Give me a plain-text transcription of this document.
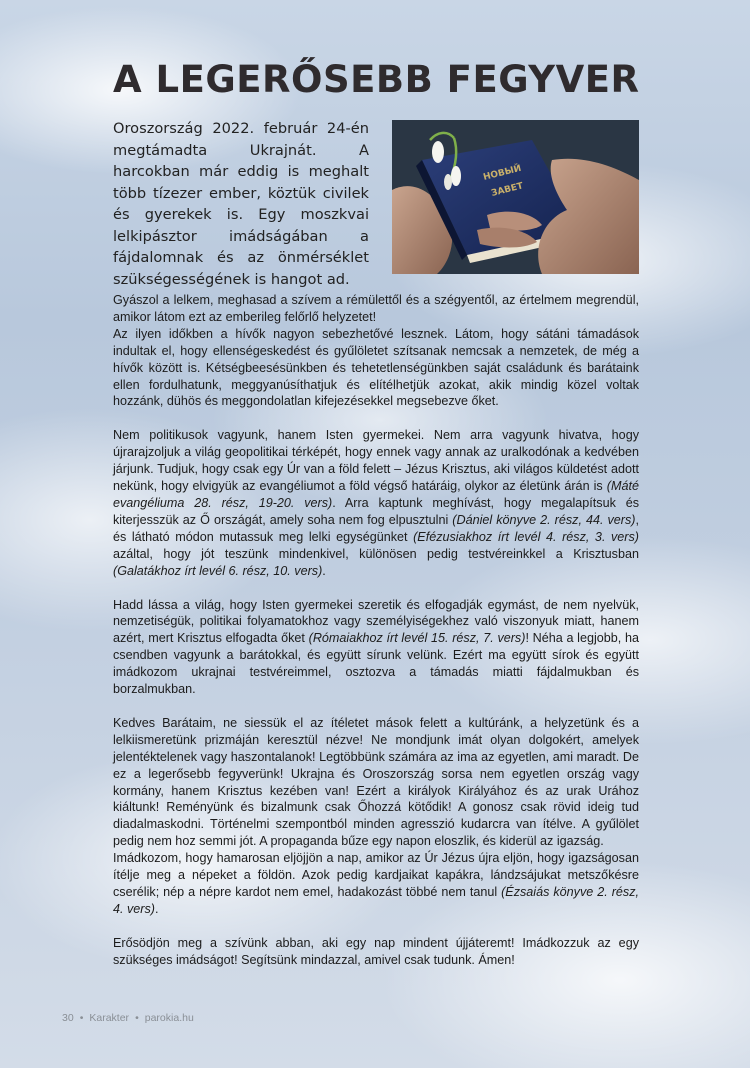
A LEGERŐSEBB FEGYVER

Oroszország 2022. február 24-én megtámadta Ukrajnát. A harcokban már eddig is meghalt több tízezer ember, köztük civilek és gyerekek is. Egy moszkvai lelkipásztor imádságában a fájdalomnak és az önmérséklet szükségességének is hangot ad.

НОВЫЙ
ЗАВЕТ

Gyászol a lelkem, meghasad a szívem a rémülettől és a szégyentől, az értelmem megrendül, amikor látom ezt az emberileg felőrlő helyzetet!

Az ilyen időkben a hívők nagyon sebezhetővé lesznek. Látom, hogy sátáni támadások indultak el, hogy ellenségeskedést és gyűlöletet szítsanak nemcsak a nemzetek, de még a hívők között is. Kétségbeesésünkben és tehetetlenségünkben saját családunk és barátaink ellen fordulhatunk, meggyanúsíthatjuk és elítélhetjük azokat, akik mindig közel voltak hozzánk, dühös és meggondolatlan kifejezésekkel megsebezve őket.

Nem politikusok vagyunk, hanem Isten gyermekei. Nem arra vagyunk hivatva, hogy újrarajzoljuk a világ geopolitikai térképét, hogy ennek vagy annak az uralkodónak a kedvében járjunk. Tudjuk, hogy csak egy Úr van a föld felett – Jézus Krisztus, aki világos küldetést adott nekünk, hogy elvigyük az evangéliumot a föld végső határáig, olykor az életünk árán is (Máté evangéliuma 28. rész, 19-20. vers). Arra kaptunk meghívást, hogy megalapítsuk és kiterjesszük az Ő országát, amely soha nem fog elpusztulni (Dániel könyve 2. rész, 44. vers), és látható módon mutassuk meg lelki egységünket (Efézusiakhoz írt levél 4. rész, 3. vers) azáltal, hogy jót teszünk mindenkivel, különösen pedig testvéreinkkel a Krisztusban (Galatákhoz írt levél 6. rész, 10. vers).

Hadd lássa a világ, hogy Isten gyermekei szeretik és elfogadják egymást, de nem nyelvük, nemzetiségük, politikai folyamatokhoz vagy személyiségekhez való viszonyuk miatt, hanem azért, mert Krisztus elfogadta őket (Rómaiakhoz írt levél 15. rész, 7. vers)! Néha a legjobb, ha csendben vagyunk a barátokkal, és együtt sírunk velünk. Ezért ma együtt sírok és együtt imádkozom ukrajnai testvéreimmel, osztozva a támadás miatti fájdalmukban és borzalmukban.

Kedves Barátaim, ne siessük el az ítéletet mások felett a kultúránk, a helyzetünk és a lelkiismeretünk prizmáján keresztül nézve! Ne mondjunk imát olyan dolgokért, amelyek jelentéktelenek vagy haszontalanok! Legtöbbünk számára az ima az egyetlen, ami maradt. De ez a legerősebb fegyverünk! Ukrajna és Oroszország sorsa nem egyetlen ország vagy kormány, hanem Krisztus kezében van! Ezért a királyok Királyához és az urak Urához kiáltunk! Reményünk és bizalmunk csak Őhozzá kötődik! A gonosz csak rövid ideig tud diadalmaskodni. Történelmi szempontból minden agresszió kudarcra van ítélve. A gyűlölet pedig nem hoz semmi jót. A propaganda bűze egy napon eloszlik, és kiderül az igazság.

Imádkozom, hogy hamarosan eljöjjön a nap, amikor az Úr Jézus újra eljön, hogy igazságosan ítélje meg a népeket a földön. Azok pedig kardjaikat kapákra, lándzsájukat metszőkésre cserélik; nép a népre kardot nem emel, hadakozást többé nem tanul (Ézsaiás könyve 2. rész, 4. vers).

Erősödjön meg a szívünk abban, aki egy nap mindent újjáteremt! Imádkozzuk az egy szükséges imádságot! Segítsünk mindazzal, amivel csak tudunk. Ámen!

30 • Karakter • parokia.hu
